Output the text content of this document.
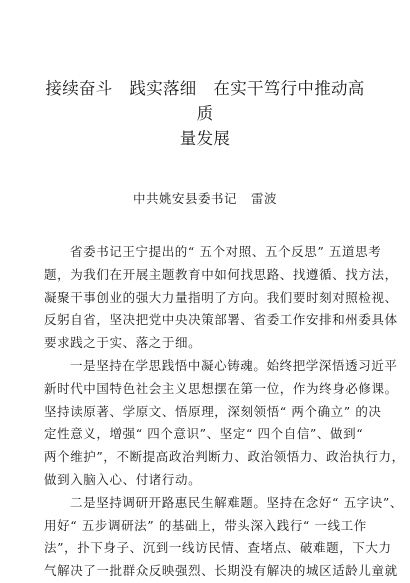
接续奋斗　践实落细　在实干笃行中推动高质
量发展
中共姚安县委书记 雷波

省委书记王宁提出的“ 五个对照、五个反思” 五道思考
题，为我们在开展主题教育中如何找思路、找遵循、找方法，
凝聚干事创业的强大力量指明了方向。我们要时刻对照检视、
反躬自省，坚决把党中央决策部署、省委工作安排和州委具体
要求践之于实、落之于细。

一是坚持在学思践悟中凝心铸魂。始终把学深悟透习近平
新时代中国特色社会主义思想摆在第一位，作为终身必修课。
坚持读原著、学原文、悟原理，深刻领悟“ 两个确立” 的决
定性意义，增强“ 四个意识”、坚定“ 四个自信”、做到“
两个维护”，不断提高政治判断力、政治领悟力、政治执行力，
做到入脑入心、付诸行动。

二是坚持调研开路惠民生解难题。坚持在念好“ 五字诀”、
用好“ 五步调研法” 的基础上，带头深入践行“ 一线工作
法”，扑下身子、沉到一线访民情、查堵点、破难题，下大力
气解决了一批群众反映强烈、长期没有解决的城区适龄儿童就
